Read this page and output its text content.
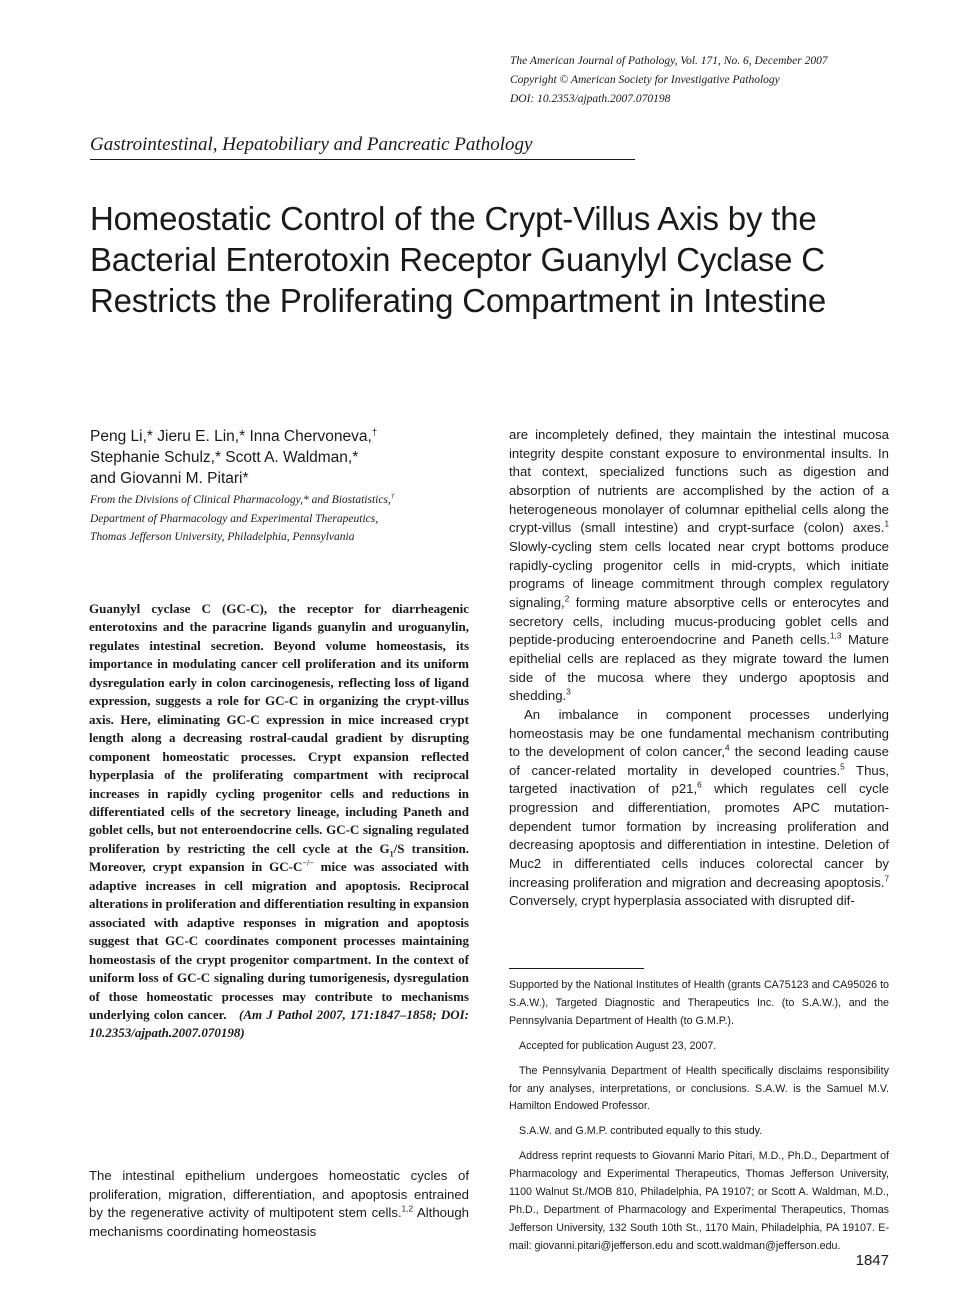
The American Journal of Pathology, Vol. 171, No. 6, December 2007
Copyright © American Society for Investigative Pathology
DOI: 10.2353/ajpath.2007.070198
Gastrointestinal, Hepatobiliary and Pancreatic Pathology
Homeostatic Control of the Crypt-Villus Axis by the
Bacterial Enterotoxin Receptor Guanylyl Cyclase C
Restricts the Proliferating Compartment in Intestine
Peng Li,* Jieru E. Lin,* Inna Chervoneva,†
Stephanie Schulz,* Scott A. Waldman,*
and Giovanni M. Pitari*
From the Divisions of Clinical Pharmacology,* and Biostatistics,†
Department of Pharmacology and Experimental Therapeutics,
Thomas Jefferson University, Philadelphia, Pennsylvania
Guanylyl cyclase C (GC-C), the receptor for diarrheagenic enterotoxins and the paracrine ligands guanylin and uroguanylin, regulates intestinal secretion. Beyond volume homeostasis, its importance in modulating cancer cell proliferation and its uniform dysregulation early in colon carcinogenesis, reflecting loss of ligand expression, suggests a role for GC-C in organizing the crypt-villus axis. Here, eliminating GC-C expression in mice increased crypt length along a decreasing rostral-caudal gradient by disrupting component homeostatic processes. Crypt expansion reflected hyperplasia of the proliferating compartment with reciprocal increases in rapidly cycling progenitor cells and reductions in differentiated cells of the secretory lineage, including Paneth and goblet cells, but not enteroendocrine cells. GC-C signaling regulated proliferation by restricting the cell cycle at the $G_1/S$ transition. Moreover, crypt expansion in GC-C−/− mice was associated with adaptive increases in cell migration and apoptosis. Reciprocal alterations in proliferation and differentiation resulting in expansion associated with adaptive responses in migration and apoptosis suggest that GC-C coordinates component processes maintaining homeostasis of the crypt progenitor compartment. In the context of uniform loss of GC-C signaling during tumorigenesis, dysregulation of those homeostatic processes may contribute to mechanisms underlying colon cancer. (Am J Pathol 2007, 171:1847–1858; DOI: 10.2353/ajpath.2007.070198)
The intestinal epithelium undergoes homeostatic cycles of proliferation, migration, differentiation, and apoptosis entrained by the regenerative activity of multipotent stem cells.$^{1,2}$ Although mechanisms coordinating homeostasis

are incompletely defined, they maintain the intestinal mucosa integrity despite constant exposure to environmental insults. In that context, specialized functions such as digestion and absorption of nutrients are accomplished by the action of a heterogeneous monolayer of columnar epithelial cells along the crypt-villus (small intestine) and crypt-surface (colon) axes.$^1$ Slowly-cycling stem cells located near crypt bottoms produce rapidly-cycling progenitor cells in mid-crypts, which initiate programs of lineage commitment through complex regulatory signaling,$^2$ forming mature absorptive cells or enterocytes and secretory cells, including mucus-producing goblet cells and peptide-producing enteroendocrine and Paneth cells.$^{1,3}$ Mature epithelial cells are replaced as they migrate toward the lumen side of the mucosa where they undergo apoptosis and shedding.$^3$

An imbalance in component processes underlying homeostasis may be one fundamental mechanism contributing to the development of colon cancer,$^4$ the second leading cause of cancer-related mortality in developed countries.$^5$ Thus, targeted inactivation of p21,$^6$ which regulates cell cycle progression and differentiation, promotes APC mutation-dependent tumor formation by increasing proliferation and decreasing apoptosis and differentiation in intestine. Deletion of Muc2 in differentiated cells induces colorectal cancer by increasing proliferation and migration and decreasing apoptosis.$^7$ Conversely, crypt hyperplasia associated with disrupted dif-

Supported by the National Institutes of Health (grants CA75123 and CA95026 to S.A.W.), Targeted Diagnostic and Therapeutics Inc. (to S.A.W.), and the Pennsylvania Department of Health (to G.M.P.).

Accepted for publication August 23, 2007.

The Pennsylvania Department of Health specifically disclaims responsibility for any analyses, interpretations, or conclusions. S.A.W. is the Samuel M.V. Hamilton Endowed Professor.

S.A.W. and G.M.P. contributed equally to this study.

Address reprint requests to Giovanni Mario Pitari, M.D., Ph.D., Department of Pharmacology and Experimental Therapeutics, Thomas Jefferson University, 1100 Walnut St./MOB 810, Philadelphia, PA 19107; or Scott A. Waldman, M.D., Ph.D., Department of Pharmacology and Experimental Therapeutics, Thomas Jefferson University, 132 South 10th St., 1170 Main, Philadelphia, PA 19107. E-mail: giovanni.pitari@jefferson.edu and scott.waldman@jefferson.edu.

1847
